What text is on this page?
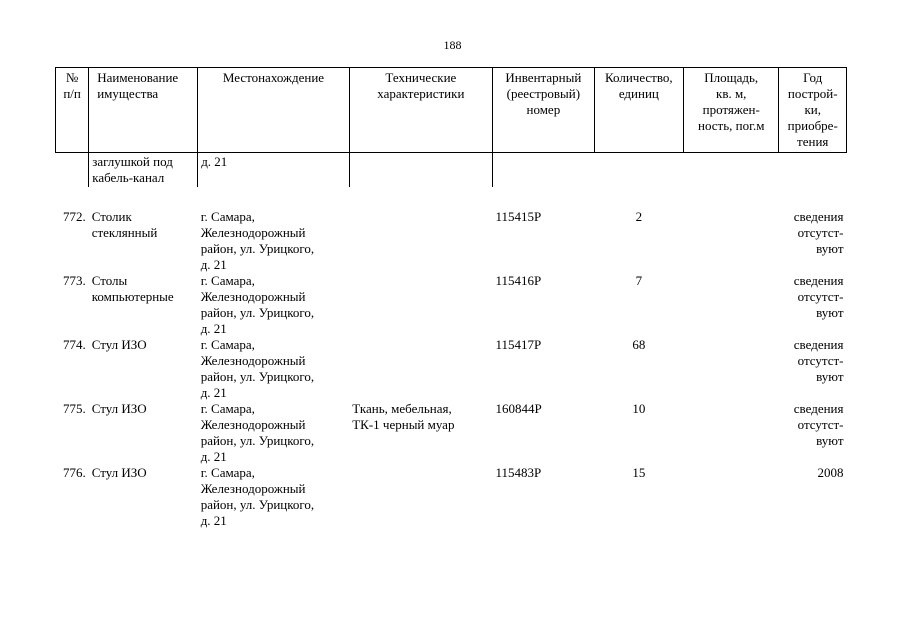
188
№
п/п	Наименование
имущества	Местонахождение	Технические
характеристики	Инвентарный
(реестровый)
номер	Количество,
единиц	Площадь,
кв. м,
протяжен-
ность, пог.м	Год
построй-
ки,
приобре-
тения

	заглушкой под
кабель-канал	д. 21					

772.	Столик
стеклянный	г. Самара,
Железнодорожный
район, ул. Урицкого,
д. 21		115415Р	2		сведения
отсутст-
вуют

773.	Столы
компьютерные	г. Самара,
Железнодорожный
район, ул. Урицкого,
д. 21		115416Р	7		сведения
отсутст-
вуют

774.	Стул ИЗО	г. Самара,
Железнодорожный
район, ул. Урицкого,
д. 21		115417Р	68		сведения
отсутст-
вуют

775.	Стул ИЗО	г. Самара,
Железнодорожный
район, ул. Урицкого,
д. 21	Ткань, мебельная,
ТК-1 черный муар	160844Р	10		сведения
отсутст-
вуют

776.	Стул ИЗО	г. Самара,
Железнодорожный
район, ул. Урицкого,
д. 21		115483Р	15		2008
